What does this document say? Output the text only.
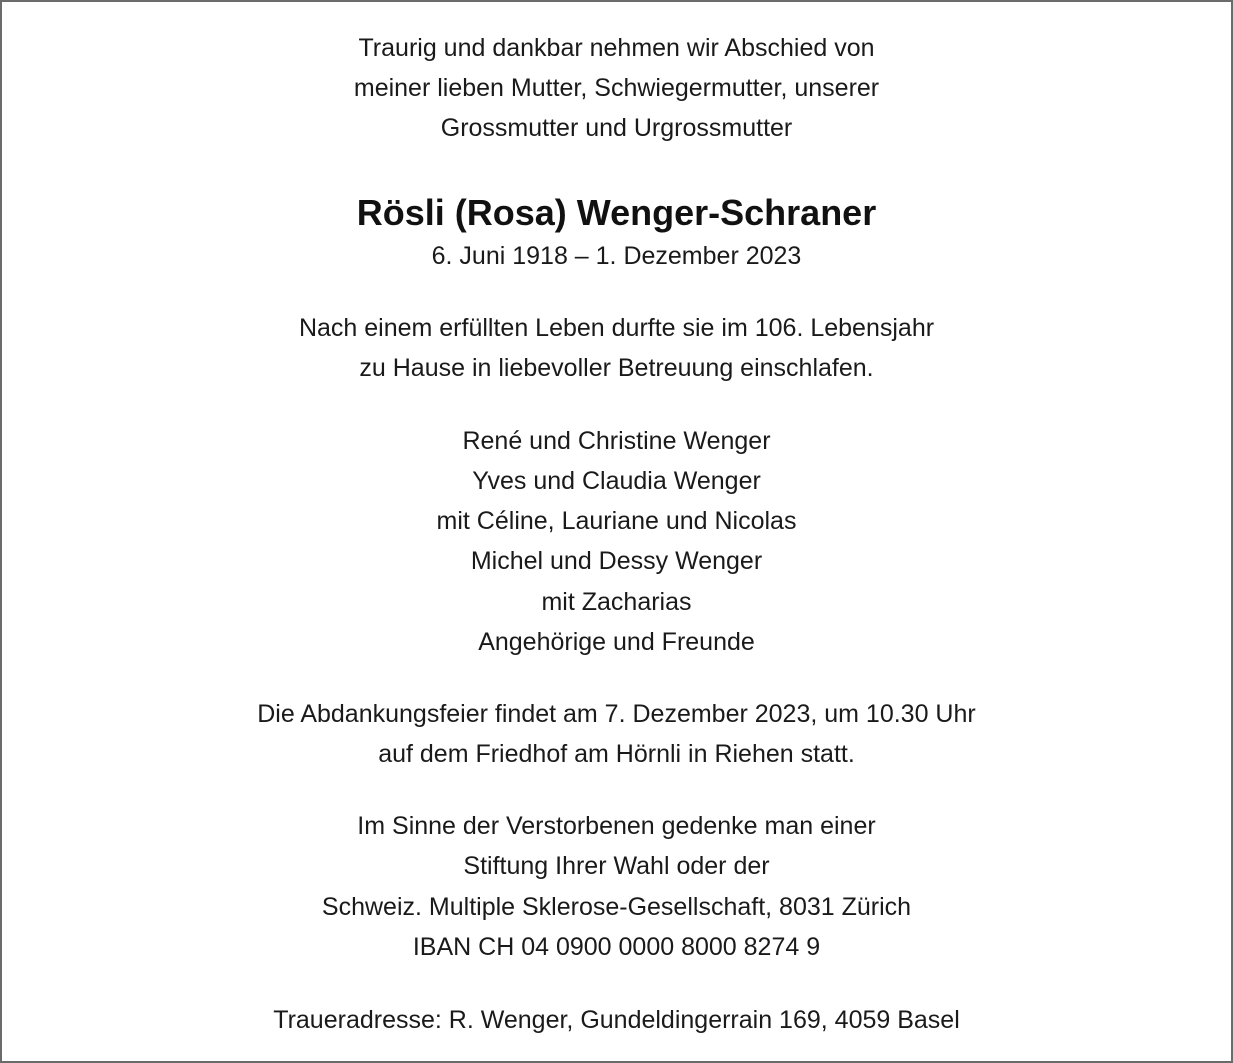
Traurig und dankbar nehmen wir Abschied von
meiner lieben Mutter, Schwiegermutter, unserer
Grossmutter und Urgrossmutter
Rösli (Rosa) Wenger-Schraner
6. Juni 1918 – 1. Dezember 2023
Nach einem erfüllten Leben durfte sie im 106. Lebensjahr
zu Hause in liebevoller Betreuung einschlafen.
René und Christine Wenger
Yves und Claudia Wenger
mit Céline, Lauriane und Nicolas
Michel und Dessy Wenger
mit Zacharias
Angehörige und Freunde
Die Abdankungsfeier findet am 7. Dezember 2023, um 10.30 Uhr
auf dem Friedhof am Hörnli in Riehen statt.
Im Sinne der Verstorbenen gedenke man einer
Stiftung Ihrer Wahl oder der
Schweiz. Multiple Sklerose-Gesellschaft, 8031 Zürich
IBAN CH 04 0900 0000 8000 8274 9
Traueradresse: R. Wenger, Gundeldingerrain 169, 4059 Basel
